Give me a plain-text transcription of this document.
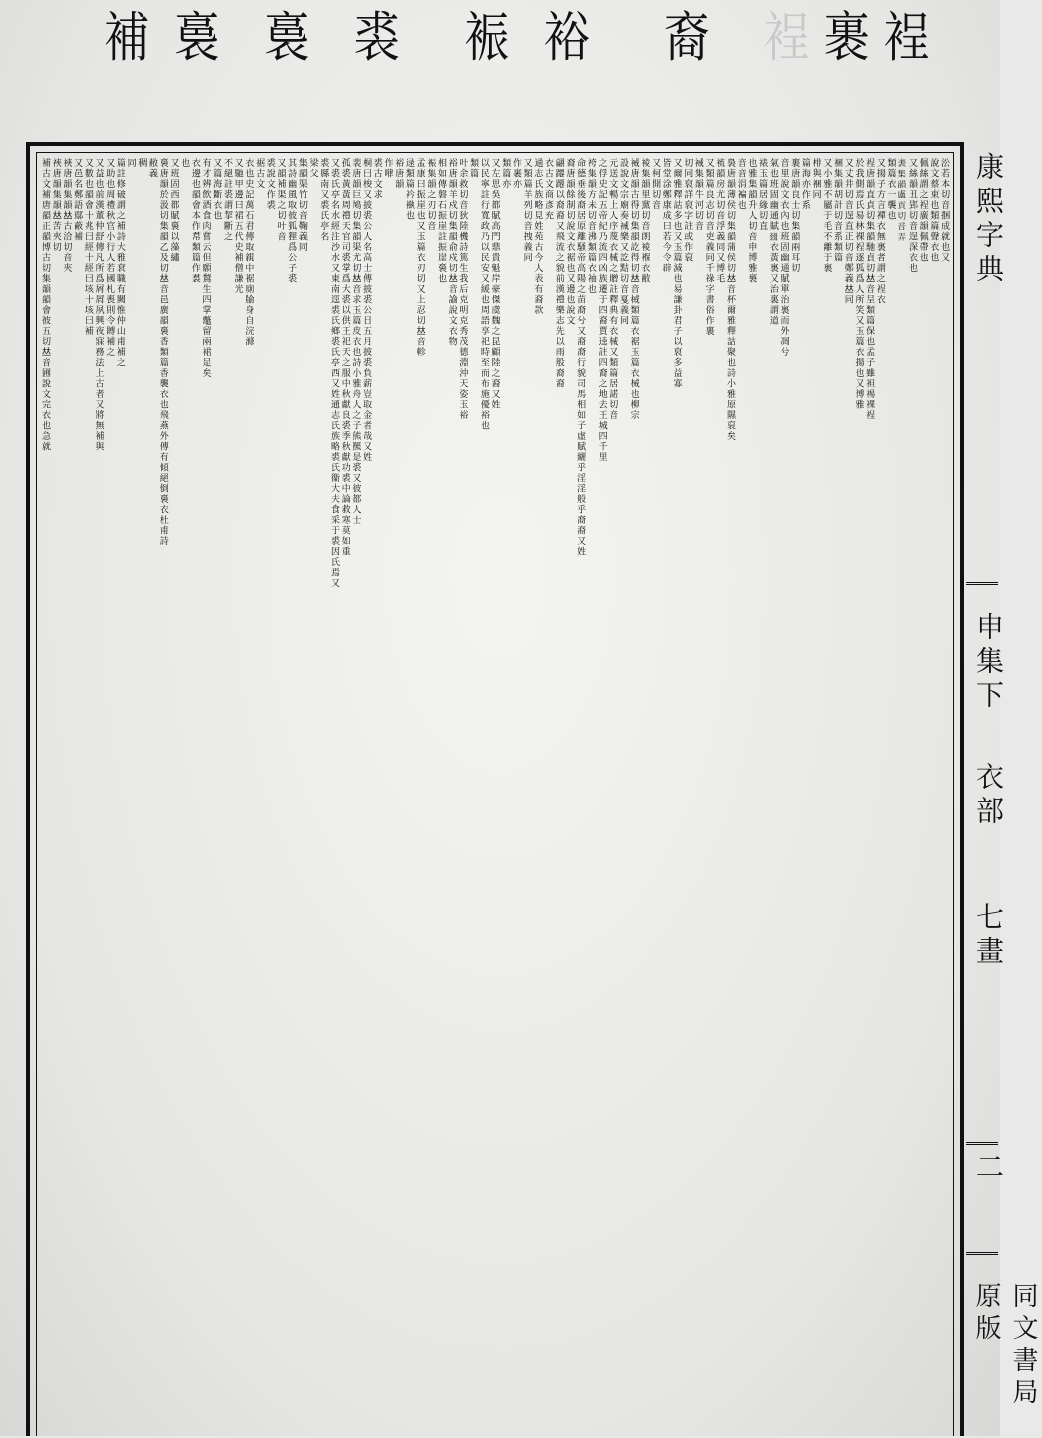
裎
裹
裎
裔
裕
裖
裘
裛
裛
補
㳂若本切音捆成就也又
說文蔡束也類篇聲衣也
佩絲謂之裎廣韻佩帶也
又絲韻丑郢切音逞深衣也
𧘝集韻盧貢切音弄
類篇衣一襲也
又揚子方言襌衣無裏者謂之裎衣
裎唐韻直貞切集韻馳貞切𠀤音呈類篇保也孟子雖袒裼裸裎
於我側焉氏易林裸裎逐狐爲人所笑又玉篇衣揚也又博雅
又丈井切音逞直正切音鄭義𠀤同
裍集韻胡計切音系類篇
又小雅不屬于毛不離于裏
棑與裍同
篇海亦作系
裹唐韻良士切集韻兩耳切
音里說文衣內也班固幽通賦單治裏而外凋兮
氣也班固幽通賦𢇍衣黃裏又治裏謂道
裱玉篇居緣切直
也雅集韻升人切音申博雅裛
音音涓褊也
裊唐韻薄侯切集韻蒲侯切𠀤音杯爾雅釋詁聚也詩小雅原隰裒矣
裗韻房尤切音浮義同又博毛
又類篇良志切音吏義同千祿字書俗作裹
裓集韻牛河切音
切同裒詳裒字註或作裒
又爾雅釋詁多也又玉篇減也易謙卦君子以裒多益寡
皆堂涂鄭康成曰若今令辟
又柯開切音
裬集韻里黨切音朗裬褓衣敝
裓唐韻古得切集韻訖得切𠀤音棫類篇衣裾玉篇衣械也柳宗
設說文宗廟奏裓樂又訖黠切音戛義同
元送文暢上人序蔑衣械之贈註釋典有衣械又類篇居諾切音
之俘史記五帝紀乃流四凶族遷于四裔賈逵註四裔之地去王城四千里
袴集韻方未切音沸類篇衣袖也
命德垂後裔居原離騷帝高陽之苗裔兮又裔裔行貌司馬相如子虛賦纚乎淫淫般乎裔裔又姓
裔唐韻餘制切說文衣裾也又邊也說文
翩蹮蹮以裔裔又飛流之貌前漢禮樂志先以雨般裔裔
衣古文商彥充
通志氏族略見姓苑古今人表有裔款
又類篇羊列切音拽義同
作裹亦
類篇亦
又左思吳都賦高門鼎貴魁岸豪傑虞魏之昆顧陸之裔又姓
以民寧註行寬政乃以民安又緩也周語享祀時至而布施優裕也
類篇
叶余救切音狄陸機詩篤生我后克明克秀茂德淵沖天姿玉裕
裕唐韻羊戍切集韻俞戍切𠀤音諭說文衣物
相如傳磐石振崖註振崖裛也
裖集韻之刃切音
孟康曰振崖也又玉篇衣刃切又上忍切𠀤音軫
逯類篇衿褹也
裕唐韻
作𠷈
裘古文求
桐曰梭又披裘公人名高士傳披裘公日五月披裘負薪豈取金者哉又姓
裴唐韻巨鳩切集韻渠尤切𠀤音求玉篇皮衣也詩小雅舟人之子熊羆是裘又彼都人士
孤裘黃黃周禮天官司裘掌爲大裘以供王祀天之服中秋獻良裘季秋獻功裘中論救寒莫如重
又裘氏亭名水經注沙水又東南逕裘氏鄉裘氏亭西又姓通志氏族略裘氏衞大夫食采于裘因氏焉又
裘縣南又裘氏亭名
梁父
集韻渠竹切音鞠義同
其詩幽風取彼狐狸爲公子裘
又韻補渠之切叶音
裘說文作裘
裾古文
衣也史記萬石君傳取親中裾廁牏身自浣滌
又馳甲邊曰裙五代史補僧謙光
不絕註裘謂挈斷之
又篇海斷衣也
有才辨飲酒食肉嘗云但願鶖生四掌鼈留兩裙足矣
衣邊也韻會本作帬類篇作裠
也
又班固西都賦裛以藻繡
裛唐韻於汲切集韻乙及切𠀤音邑廣韻裛香類篇香襲衣也飛燕外傳有傾絕倒裛衣杜甫詩
敝義
稠
同
篇註修破謂之補詩大雅袞職有闕惟仲山甫補之
又助也周禮秋官小行人若國札喪則令賻補之
又益也前漢董仲舒傳凡所爲屑屑夙興夜寐務法上古者又將無補與
又數也韻會十兆曰經十經曰垓十垓曰補
又邑名鄭語鄢蔽補
裌唐韻集韻𠀤古洽切音夾
裌唐韻集韻𠀤苦夾切
補古文補唐韻正韻博古切集韻韻會彼五切𠀤音圃說文完衣也急就	康熙字典
申集下
衣部
七畫
二
同文書局原版
